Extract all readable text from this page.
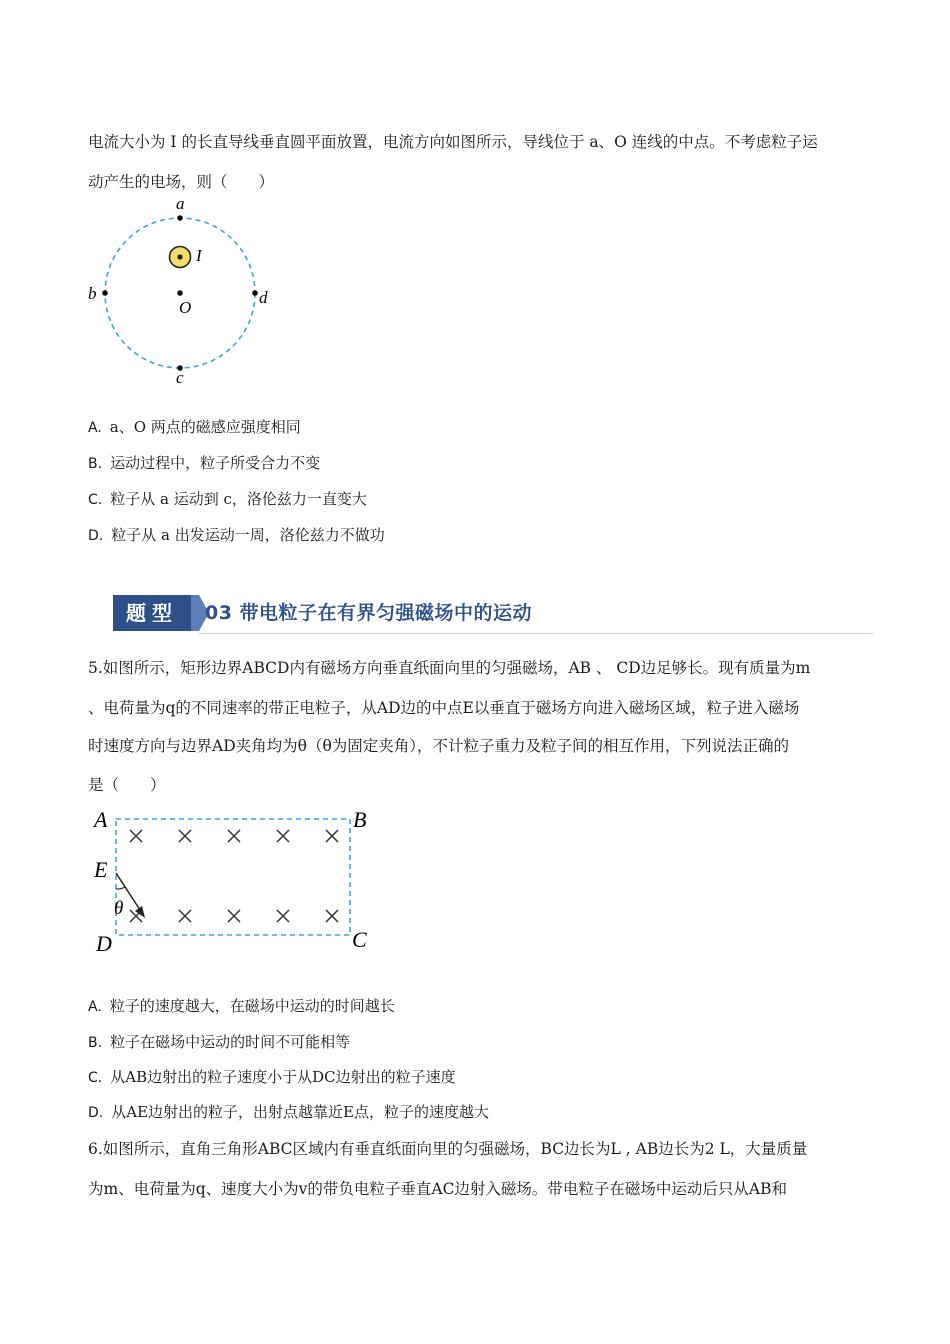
电流大小为 I 的长直导线垂直圆平面放置，电流方向如图所示，导线位于 a、O 连线的中点。不考虑粒子运
动产生的电场，则（　　）
a
b
c
d
O
I
A. a、O 两点的磁感应强度相同
B. 运动过程中，粒子所受合力不变
C. 粒子从 a 运动到 c，洛伦兹力一直变大
D. 粒子从 a 出发运动一周，洛伦兹力不做功
题型	03 带电粒子在有界匀强磁场中的运动
5.如图所示，矩形边界ABCD内有磁场方向垂直纸面向里的匀强磁场，AB 、 CD边足够长。现有质量为m
、电荷量为q的不同速率的带正电粒子，从AD边的中点E以垂直于磁场方向进入磁场区域，粒子进入磁场
时速度方向与边界AD夹角均为θ（θ为固定夹角），不计粒子重力及粒子间的相互作用，下列说法正确的
是（　　）
A	B
C
D
E
θ
A. 粒子的速度越大，在磁场中运动的时间越长
B. 粒子在磁场中运动的时间不可能相等
C. 从AB边射出的粒子速度小于从DC边射出的粒子速度
D. 从AE边射出的粒子，出射点越靠近E点，粒子的速度越大
6.如图所示，直角三角形ABC区域内有垂直纸面向里的匀强磁场，BC边长为L , AB边长为2 L，大量质量
为m、电荷量为q、速度大小为v的带负电粒子垂直AC边射入磁场。带电粒子在磁场中运动后只从AB和
